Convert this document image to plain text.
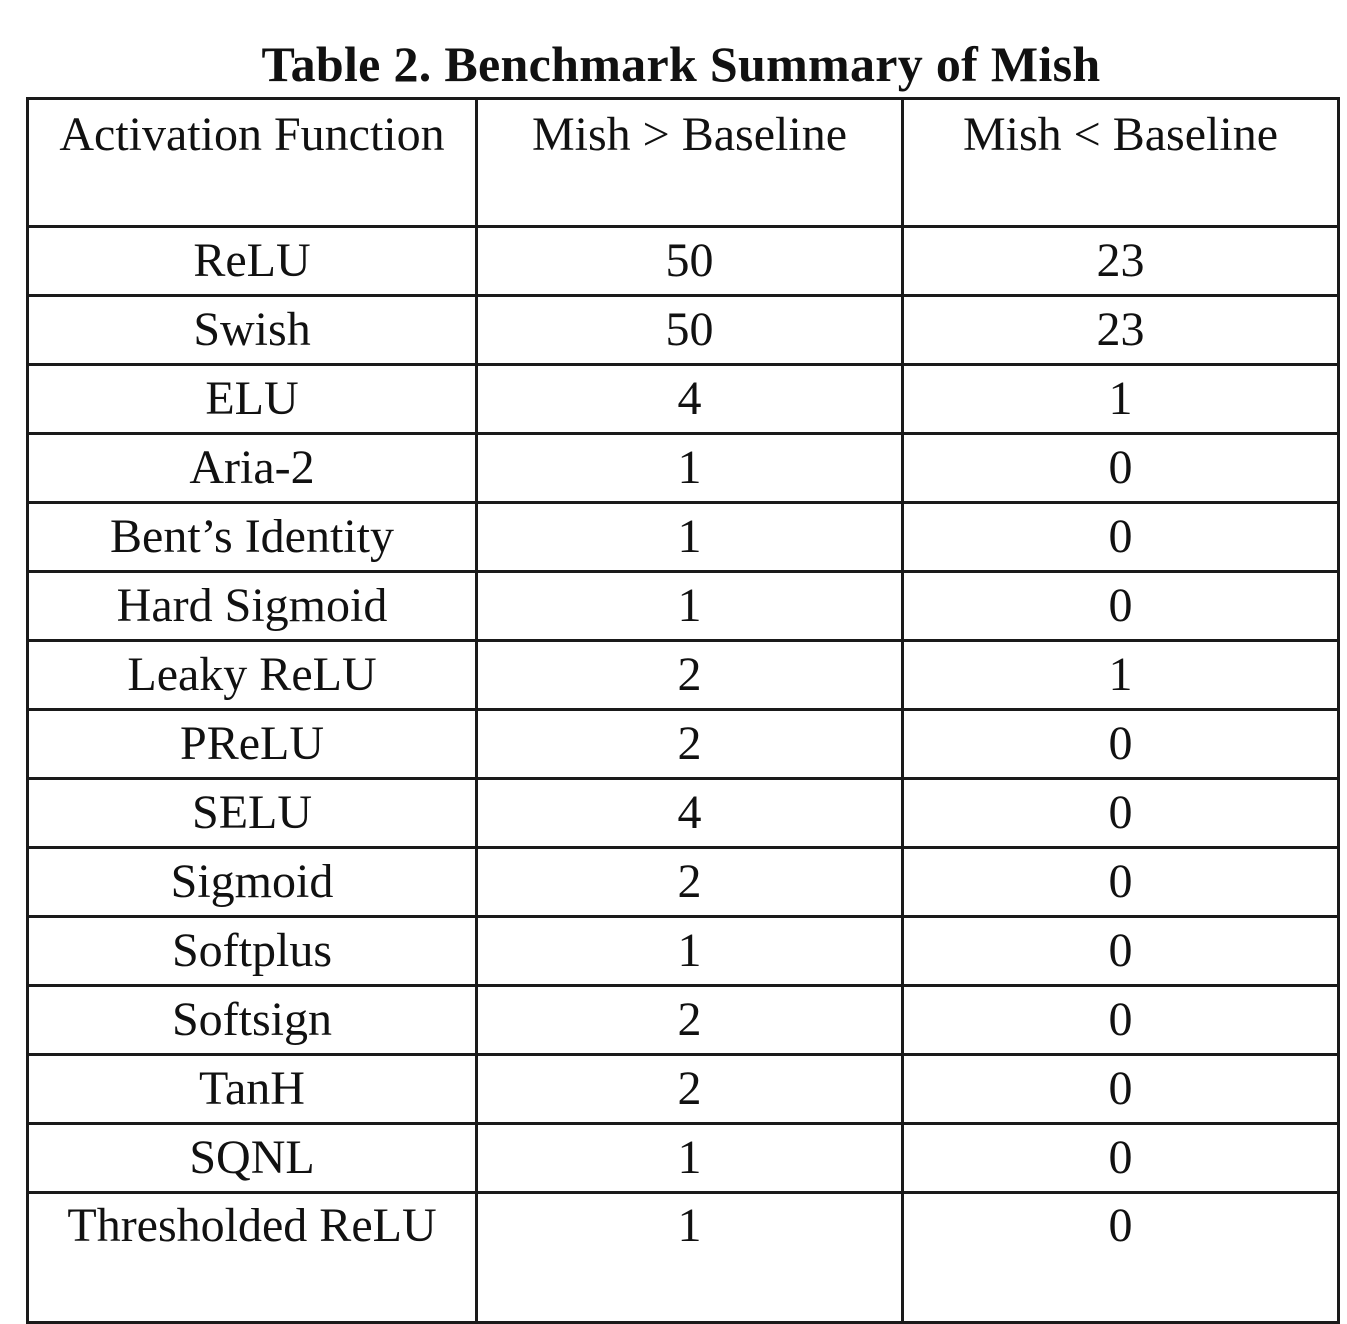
Table 2. Benchmark Summary of Mish
Activation Function	Mish > Baseline	Mish < Baseline
ReLU	50	23
Swish	50	23
ELU	4	1
Aria-2	1	0
Bent’s Identity	1	0
Hard Sigmoid	1	0
Leaky ReLU	2	1
PReLU	2	0
SELU	4	0
Sigmoid	2	0
Softplus	1	0
Softsign	2	0
TanH	2	0
SQNL	1	0
Thresholded ReLU	1	0
